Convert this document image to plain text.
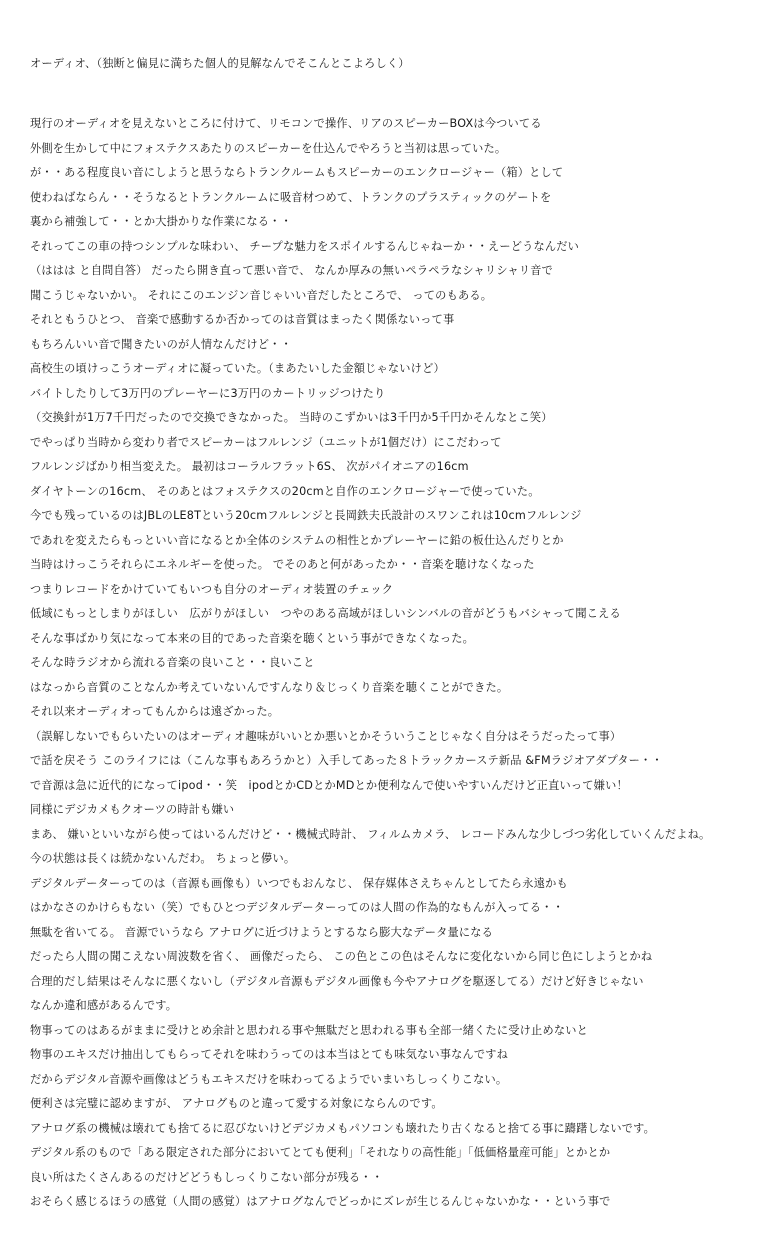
オーディオ、（独断と偏見に満ちた個人的見解なんでそこんとこよろしく）
現行のオーディオを見えないところに付けて、リモコンで操作、リアのスピーカーBOXは今ついてる
外側を生かして中にフォステクスあたりのスピーカーを仕込んでやろうと当初は思っていた。
が・・ある程度良い音にしようと思うならトランクルームもスピーカーのエンクロージャー（箱）として
使わねばならん・・そうなるとトランクルームに吸音材つめて、トランクのプラスティックのゲートを
裏から補強して・・とか大掛かりな作業になる・・
それってこの車の持つシンプルな味わい、 チープな魅力をスポイルするんじゃねーか・・えーどうなんだい
（ははは と自問自答） だったら開き直って悪い音で、 なんか厚みの無いペラペラなシャリシャリ音で
聞こうじゃないかい。 それにこのエンジン音じゃいい音だしたところで、 ってのもある。
それともうひとつ、 音楽で感動するか否かってのは音質はまったく関係ないって事
もちろんいい音で聞きたいのが人情なんだけど・・
高校生の頃けっこうオーディオに凝っていた。（まあたいした金額じゃないけど）
バイトしたりして3万円のプレーヤーに3万円のカートリッジつけたり
（交換針が1万7千円だったので交換できなかった。 当時のこずかいは3千円か5千円かそんなとこ笑）
でやっぱり当時から変わり者でスピーカーはフルレンジ（ユニットが1個だけ）にこだわって
フルレンジばかり相当変えた。 最初はコーラルフラット6S、 次がパイオニアの16cm
ダイヤトーンの16cm、 そのあとはフォステクスの20cmと自作のエンクロージャーで使っていた。
今でも残っているのはJBLのLE8Tという20cmフルレンジと長岡鉄夫氏設計のスワンこれは10cmフルレンジ
であれを変えたらもっといい音になるとか全体のシステムの相性とかプレーヤーに鉛の板仕込んだりとか
当時はけっこうそれらにエネルギーを使った。 でそのあと何があったか・・音楽を聴けなくなった
つまりレコードをかけていてもいつも自分のオーディオ装置のチェック
低域にもっとしまりがほしい　広がりがほしい　つやのある高域がほしいシンバルの音がどうもバシャって聞こえる
そんな事ばかり気になって本来の目的であった音楽を聴くという事ができなくなった。
そんな時ラジオから流れる音楽の良いこと・・良いこと
はなっから音質のことなんか考えていないんですんなり＆じっくり音楽を聴くことができた。
それ以来オーディオってもんからは遠ざかった。
（誤解しないでもらいたいのはオーディオ趣味がいいとか悪いとかそういうことじゃなく自分はそうだったって事）
で話を戻そう このライフには（こんな事もあろうかと）入手してあった８トラックカーステ新品 &FMラジオアダプター・・
で音源は急に近代的になってipod・・笑　ipodとかCDとかMDとか便利なんで使いやすいんだけど正直いって嫌い！
同様にデジカメもクオーツの時計も嫌い
まあ、 嫌いといいながら使ってはいるんだけど・・機械式時計、 フィルムカメラ、 レコードみんな少しづつ劣化していくんだよね。
今の状態は長くは続かないんだわ。 ちょっと儚い。
デジタルデーターってのは（音源も画像も）いつでもおんなじ、 保存媒体さえちゃんとしてたら永遠かも
はかなさのかけらもない（笑）でもひとつデジタルデーターってのは人間の作為的なもんが入ってる・・
無駄を省いてる。 音源でいうなら アナログに近づけようとするなら膨大なデータ量になる
だったら人間の聞こえない周波数を省く、 画像だったら、 この色とこの色はそんなに変化ないから同じ色にしようとかね
合理的だし結果はそんなに悪くないし（デジタル音源もデジタル画像も今やアナログを駆逐してる）だけど好きじゃない
なんか違和感があるんです。
物事ってのはあるがままに受けとめ余計と思われる事や無駄だと思われる事も全部一緒くたに受け止めないと
物事のエキスだけ抽出してもらってそれを味わうってのは本当はとても味気ない事なんですね
だからデジタル音源や画像はどうもエキスだけを味わってるようでいまいちしっくりこない。
便利さは完璧に認めますが、 アナログものと違って愛する対象にならんのです。
アナログ系の機械は壊れても捨てるに忍びないけどデジカメもパソコンも壊れたり古くなると捨てる事に躊躇しないです。
デジタル系のもので「ある限定された部分においてとても便利」「それなりの高性能」「低価格量産可能」とかとか
良い所はたくさんあるのだけどどうもしっくりこない部分が残る・・
おそらく感じるほうの感覚（人間の感覚）はアナログなんでどっかにズレが生じるんじゃないかな・・という事で
